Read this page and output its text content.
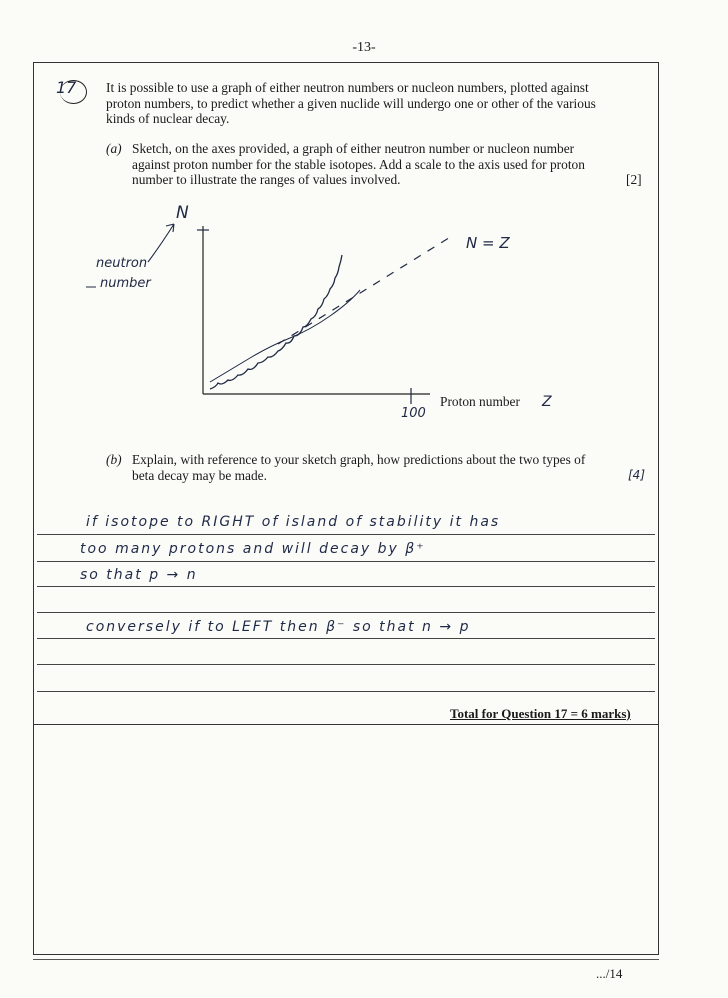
-13-
17 It is possible to use a graph of either neutron numbers or nucleon numbers, plotted against proton numbers, to predict whether a given nuclide will undergo one or other of the various kinds of nuclear decay.
(a) Sketch, on the axes provided, a graph of either neutron number or nucleon number against proton number for the stable isotopes. Add a scale to the axis used for proton number to illustrate the ranges of values involved.	[2]
N
neutron
number
N = Z
100
Proton number Z
(b) Explain, with reference to your sketch graph, how predictions about the two types of beta decay may be made.	[4]
if isotope to RIGHT of island of stability it has
too many protons and will decay by β⁺
so that p → n
conversely if to LEFT then β⁻ so that n → p
Total for Question 17 = 6 marks)
.../14
